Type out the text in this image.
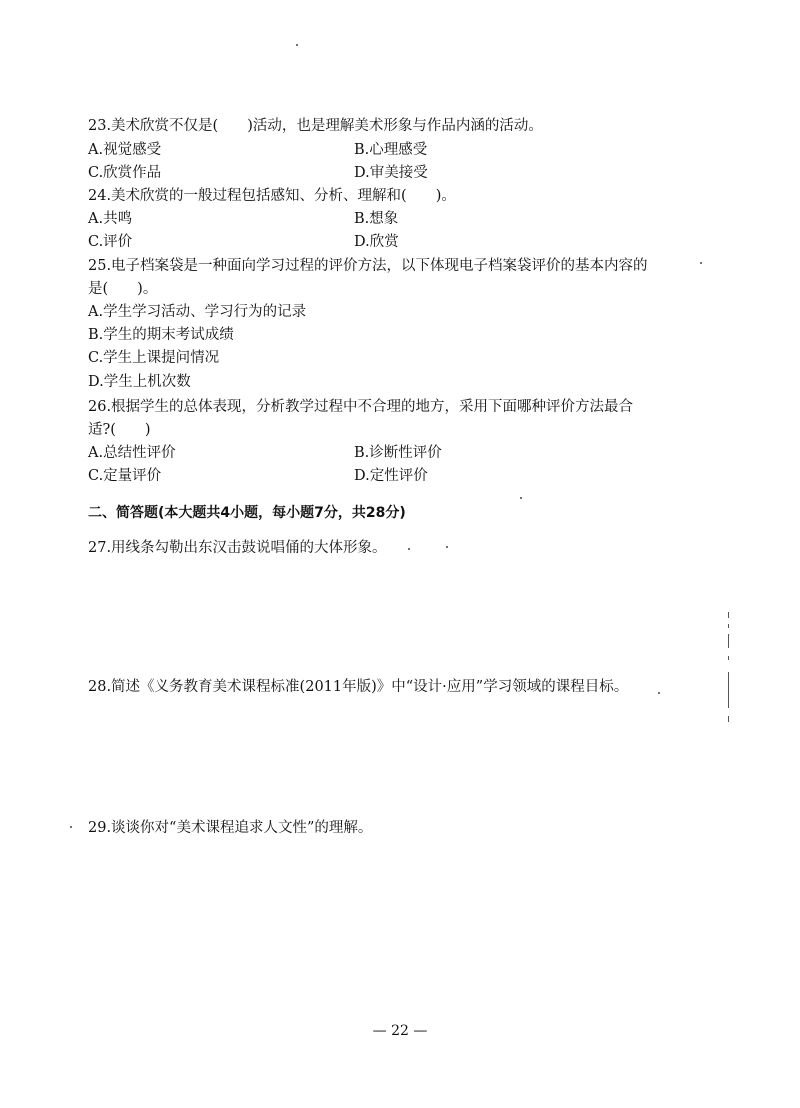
23.美术欣赏不仅是(　　)活动，也是理解美术形象与作品内涵的活动。
A.视觉感受	B.心理感受
C.欣赏作品	D.审美接受
24.美术欣赏的一般过程包括感知、分析、理解和(　　)。
A.共鸣	B.想象
C.评价	D.欣赏
25.电子档案袋是一种面向学习过程的评价方法，以下体现电子档案袋评价的基本内容的
是(　　)。
A.学生学习活动、学习行为的记录
B.学生的期末考试成绩
C.学生上课提问情况
D.学生上机次数
26.根据学生的总体表现，分析教学过程中不合理的地方，采用下面哪种评价方法最合
适?(　　)
A.总结性评价	B.诊断性评价
C.定量评价	D.定性评价
二、简答题(本大题共4小题，每小题7分，共28分)
27.用线条勾勒出东汉击鼓说唱俑的大体形象。
28.简述《义务教育美术课程标准(2011年版)》中“设计·应用”学习领域的课程目标。
29.谈谈你对“美术课程追求人文性”的理解。
— 22 —
